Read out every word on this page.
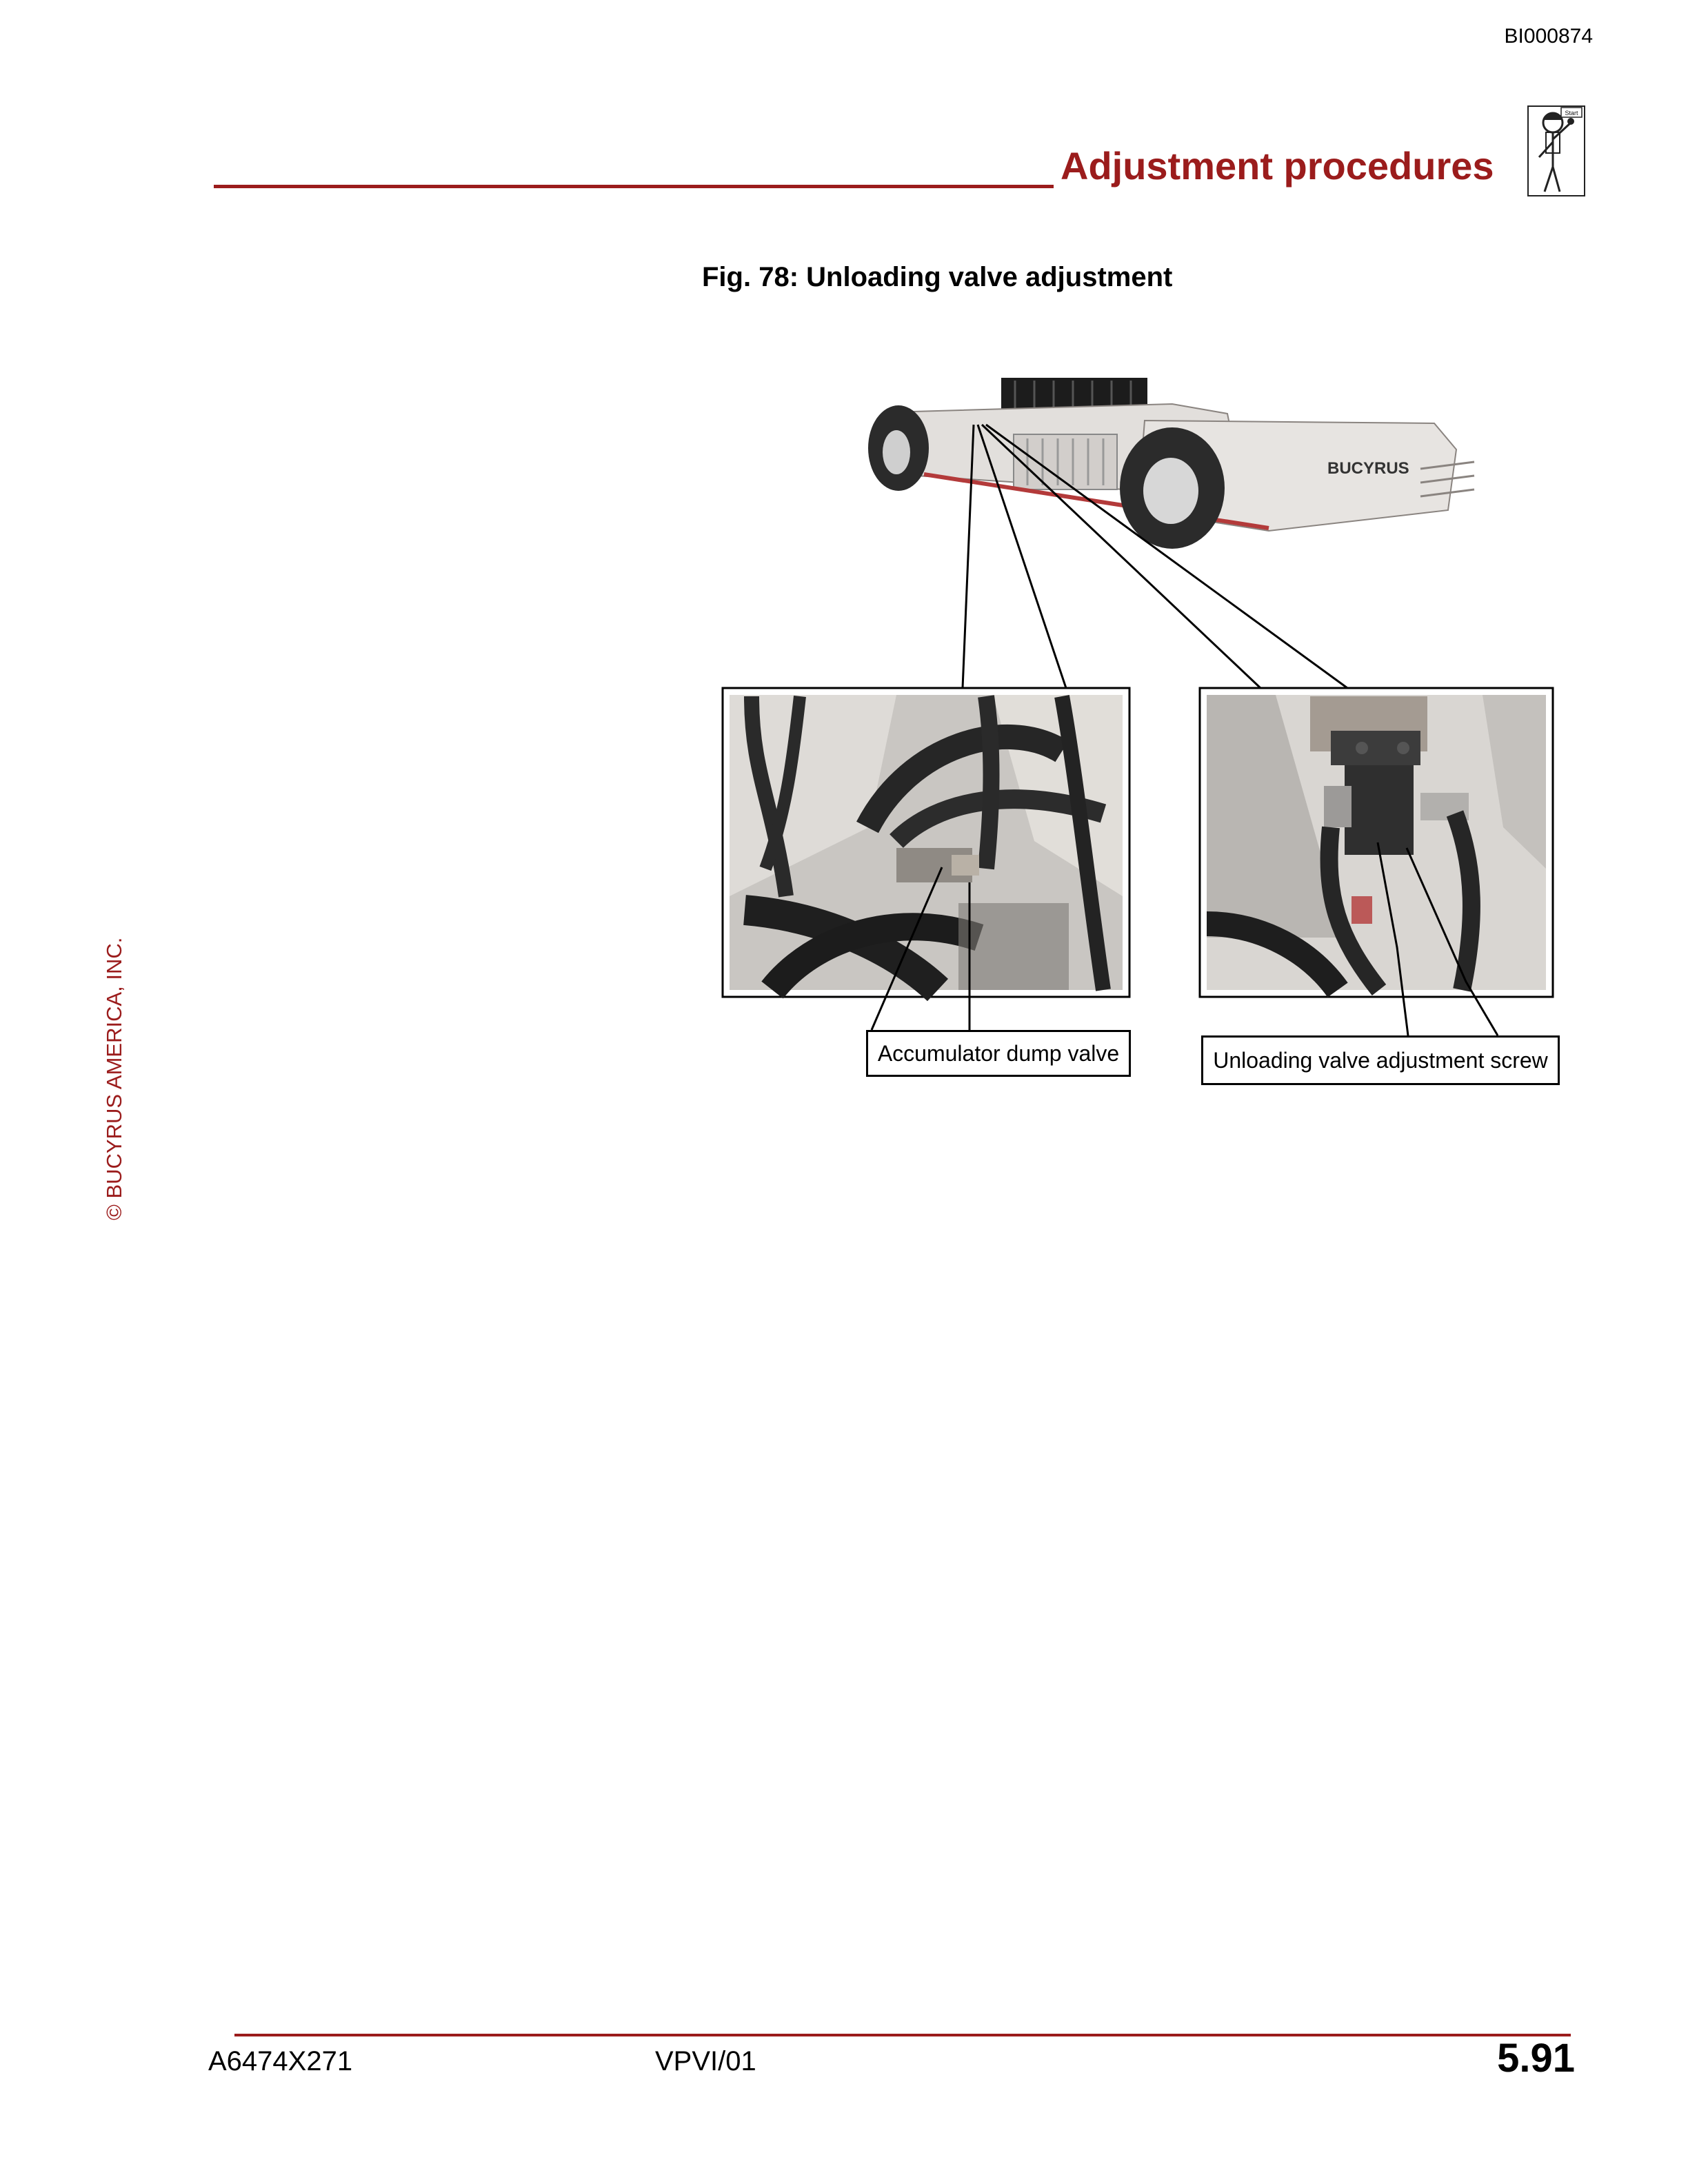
BI000874
Adjustment procedures
Start
Fig. 78: Unloading valve adjustment
BUCYRUS
Accumulator dump valve	Unloading valve adjustment screw
© BUCYRUS AMERICA, INC.
A6474X271	VPVI/01	5.91
